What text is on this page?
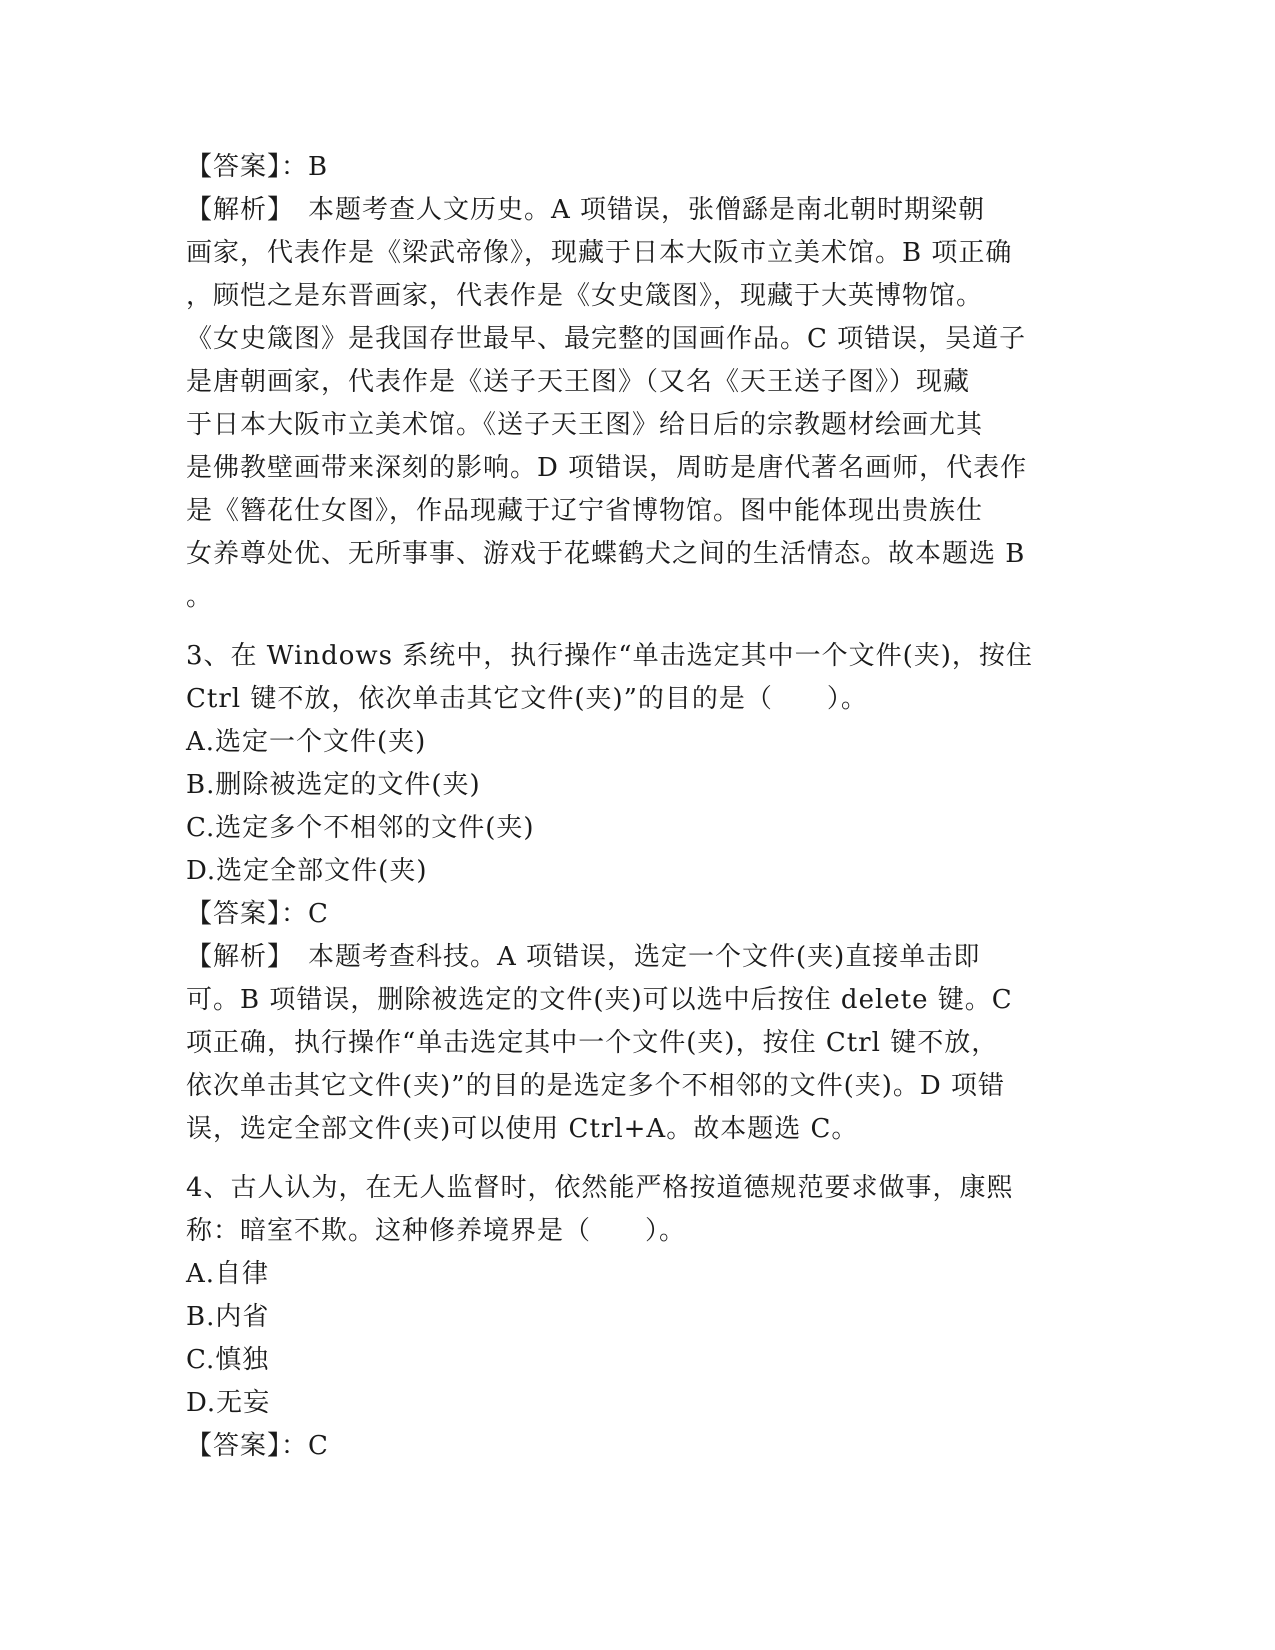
【答案】：B
【解析】　本题考查人文历史。A 项错误，张僧繇是南北朝时期梁朝
画家，代表作是《梁武帝像》，现藏于日本大阪市立美术馆。B 项正确
，顾恺之是东晋画家，代表作是《女史箴图》，现藏于大英博物馆。
《女史箴图》是我国存世最早、最完整的国画作品。C 项错误，吴道子
是唐朝画家，代表作是《送子天王图》（又名《天王送子图》）现藏
于日本大阪市立美术馆。《送子天王图》给日后的宗教题材绘画尤其
是佛教壁画带来深刻的影响。D 项错误，周昉是唐代著名画师，代表作
是《簪花仕女图》，作品现藏于辽宁省博物馆。图中能体现出贵族仕
女养尊处优、无所事事、游戏于花蝶鹤犬之间的生活情态。故本题选 B
。
3、在 Windows 系统中，执行操作“单击选定其中一个文件(夹)，按住
Ctrl 键不放，依次单击其它文件(夹)”的目的是（　　）。
A.选定一个文件(夹)
B.删除被选定的文件(夹)
C.选定多个不相邻的文件(夹)
D.选定全部文件(夹)
【答案】：C
【解析】　本题考查科技。A 项错误，选定一个文件(夹)直接单击即
可。B 项错误，删除被选定的文件(夹)可以选中后按住 delete 键。C
项正确，执行操作“单击选定其中一个文件(夹)，按住 Ctrl 键不放，
依次单击其它文件(夹)”的目的是选定多个不相邻的文件(夹)。D 项错
误，选定全部文件(夹)可以使用 Ctrl+A。故本题选 C。
4、古人认为，在无人监督时，依然能严格按道德规范要求做事，康熙
称：暗室不欺。这种修养境界是（　　）。
A.自律
B.内省
C.慎独
D.无妄
【答案】：C
